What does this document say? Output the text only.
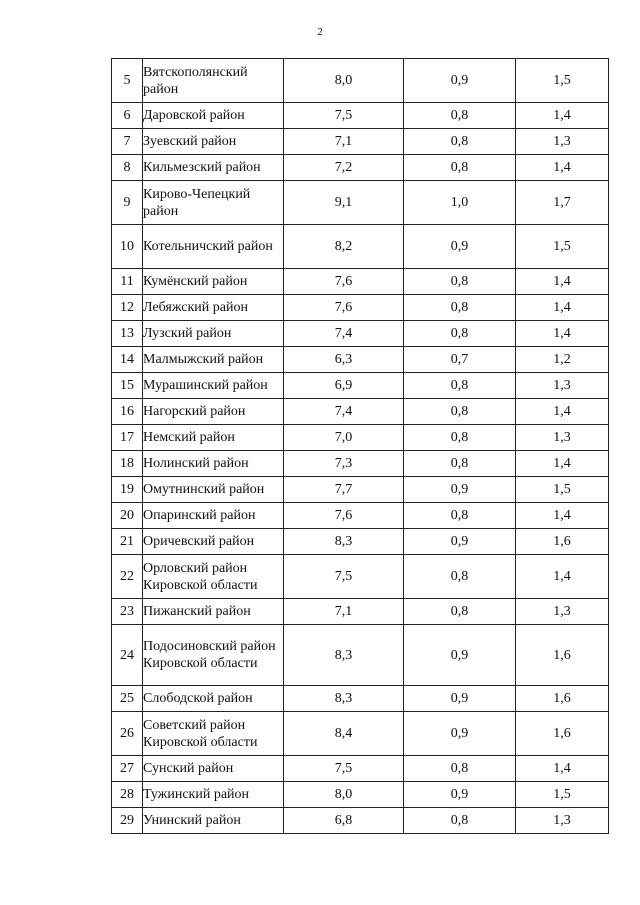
2
5	Вятскополянский район	8,0	0,9	1,5
6	Даровской район	7,5	0,8	1,4
7	Зуевский район	7,1	0,8	1,3
8	Кильмезский район	7,2	0,8	1,4
9	Кирово-Чепецкий район	9,1	1,0	1,7
10	Котельничский район	8,2	0,9	1,5
11	Кумёнский район	7,6	0,8	1,4
12	Лебяжский район	7,6	0,8	1,4
13	Лузский район	7,4	0,8	1,4
14	Малмыжский район	6,3	0,7	1,2
15	Мурашинский район	6,9	0,8	1,3
16	Нагорский район	7,4	0,8	1,4
17	Немский район	7,0	0,8	1,3
18	Нолинский район	7,3	0,8	1,4
19	Омутнинский район	7,7	0,9	1,5
20	Опаринский район	7,6	0,8	1,4
21	Оричевский район	8,3	0,9	1,6
22	Орловский район Кировской области	7,5	0,8	1,4
23	Пижанский район	7,1	0,8	1,3
24	Подосиновский район Кировской области	8,3	0,9	1,6
25	Слободской район	8,3	0,9	1,6
26	Советский район Кировской области	8,4	0,9	1,6
27	Сунский район	7,5	0,8	1,4
28	Тужинский район	8,0	0,9	1,5
29	Унинский район	6,8	0,8	1,3
